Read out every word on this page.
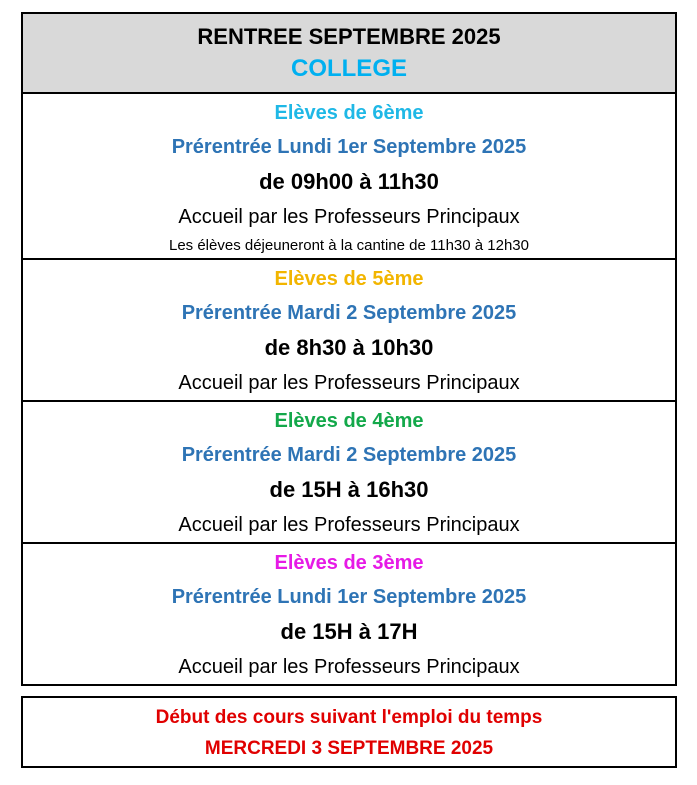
RENTREE SEPTEMBRE 2025
COLLEGE
Elèves de 6ème
Prérentrée Lundi 1er Septembre 2025
de 09h00 à 11h30
Accueil par les Professeurs Principaux
Les élèves déjeuneront à la cantine de 11h30 à 12h30
Elèves de 5ème
Prérentrée Mardi 2 Septembre 2025
de 8h30 à 10h30
Accueil par les Professeurs Principaux
Elèves de 4ème
Prérentrée Mardi 2 Septembre 2025
de 15H à 16h30
Accueil par les Professeurs Principaux
Elèves de 3ème
Prérentrée Lundi 1er Septembre 2025
de 15H à 17H
Accueil par les Professeurs Principaux
Début des cours suivant l'emploi du temps
MERCREDI 3 SEPTEMBRE 2025
